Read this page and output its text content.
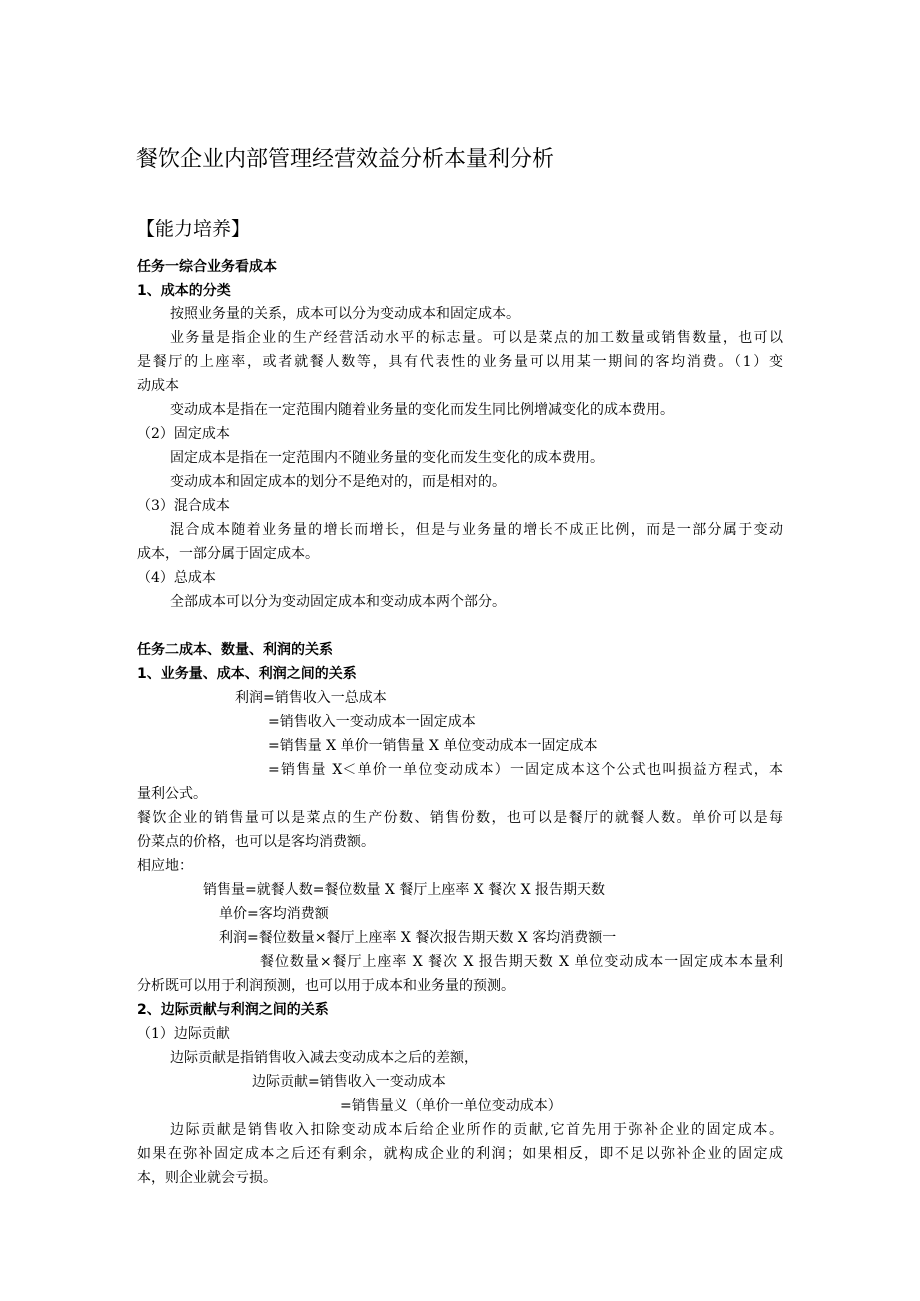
餐饮企业内部管理经营效益分析本量利分析
【能力培养】
任务一综合业务看成本
1、成本的分类
按照业务量的关系，成本可以分为变动成本和固定成本。
业务量是指企业的生产经营活动水平的标志量。可以是菜点的加工数量或销售数量，也可以
是餐厅的上座率，或者就餐人数等，具有代表性的业务量可以用某一期间的客均消费。（1）变
动成本
变动成本是指在一定范围内随着业务量的变化而发生同比例增减变化的成本费用。
（2）固定成本
固定成本是指在一定范围内不随业务量的变化而发生变化的成本费用。
变动成本和固定成本的划分不是绝对的，而是相对的。
（3）混合成本
混合成本随着业务量的增长而增长，但是与业务量的增长不成正比例，而是一部分属于变动
成本，一部分属于固定成本。
（4）总成本
全部成本可以分为变动固定成本和变动成本两个部分。
任务二成本、数量、利润的关系
1、业务量、成本、利润之间的关系
利润=销售收入一总成本
=销售收入一变动成本一固定成本
=销售量 X 单价一销售量 X 单位变动成本一固定成本
=销售量 X＜单价一单位变动成本）一固定成本这个公式也叫损益方程式，本
量利公式。
餐饮企业的销售量可以是菜点的生产份数、销售份数，也可以是餐厅的就餐人数。单价可以是每
份菜点的价格，也可以是客均消费额。
相应地：
销售量=就餐人数=餐位数量 X 餐厅上座率 X 餐次 X 报告期天数
单价=客均消费额
利润=餐位数量×餐厅上座率 X 餐次报告期天数 X 客均消费额一
餐位数量×餐厅上座率 X 餐次 X 报告期天数 X 单位变动成本一固定成本本量利
分析既可以用于利润预测，也可以用于成本和业务量的预测。
2、边际贡献与利润之间的关系
（1）边际贡献
边际贡献是指销售收入减去变动成本之后的差额，
边际贡献=销售收入一变动成本
=销售量义（单价一单位变动成本）
边际贡献是销售收入扣除变动成本后给企业所作的贡献,它首先用于弥补企业的固定成本。
如果在弥补固定成本之后还有剩余，就构成企业的利润；如果相反，即不足以弥补企业的固定成
本，则企业就会亏损。
